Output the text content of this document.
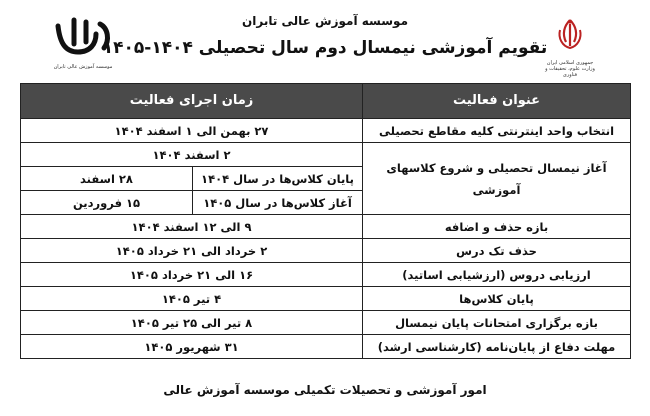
جمهوری اسلامی ایران
وزارت علوم، تحقیقات و فناوری
موسسه آموزش عالی تابران
تقویم آموزشی نیمسال دوم سال تحصیلی ۱۴۰۴-۱۴۰۵
موسسه آموزش عالی تابران
عنوان فعالیت	زمان اجرای فعالیت	
انتخاب واحد اینترنتی کلیه مقاطع تحصیلی	۲۷ بهمن الی ۱ اسفند ۱۴۰۴	
آغاز نیمسال تحصیلی و شروع کلاسهای آموزشی	۲ اسفند ۱۴۰۴	
	پایان کلاس‌ها در سال ۱۴۰۴	۲۸ اسفند
	آغاز کلاس‌ها در سال ۱۴۰۵	۱۵ فروردین
بازه حذف و اضافه	۹ الی ۱۲ اسفند ۱۴۰۴	
حذف تک درس	۲ خرداد الی ۲۱ خرداد ۱۴۰۵	
ارزیابی دروس (ارزشیابی اساتید)	۱۶ الی ۲۱ خرداد ۱۴۰۵	
پایان کلاس‌ها	۴ تیر ۱۴۰۵	
بازه برگزاری امتحانات پایان نیمسال	۸ تیر الی ۲۵ تیر ۱۴۰۵	
مهلت دفاع از پایان‌نامه (کارشناسی ارشد)	۳۱ شهریور ۱۴۰۵	
امور آموزشی و تحصیلات تکمیلی موسسه آموزش عالی
